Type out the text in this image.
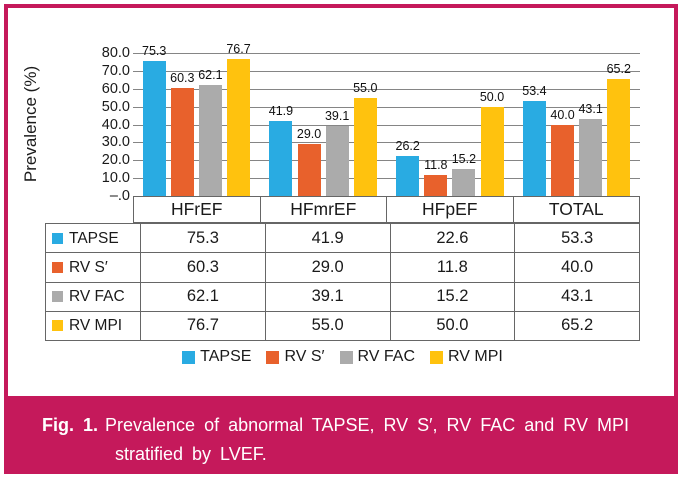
Prevalence (%)
80.0
70.0
60.0
50.0
40.0
30.0
20.0
10.0
–.0
75.3
60.3 62.1
76.7
41.9
29.0
39.1
55.0
26.2
11.8 15.2
50.0	53.4
40.0 43.1
65.2
HFrEF	HFmrEF	HFpEF	TOTAL
TAPSE	75.3	41.9	22.6	53.3
RV S′	60.3	29.0	11.8	40.0
RV FAC	62.1	39.1	15.2	43.1
RV MPI	76.7	55.0	50.0	65.2
TAPSE RV S′ RV FAC RV MPI
Fig. 1. Prevalence of abnormal TAPSE, RV S′, RV FAC and RV MPI stratified by LVEF.
